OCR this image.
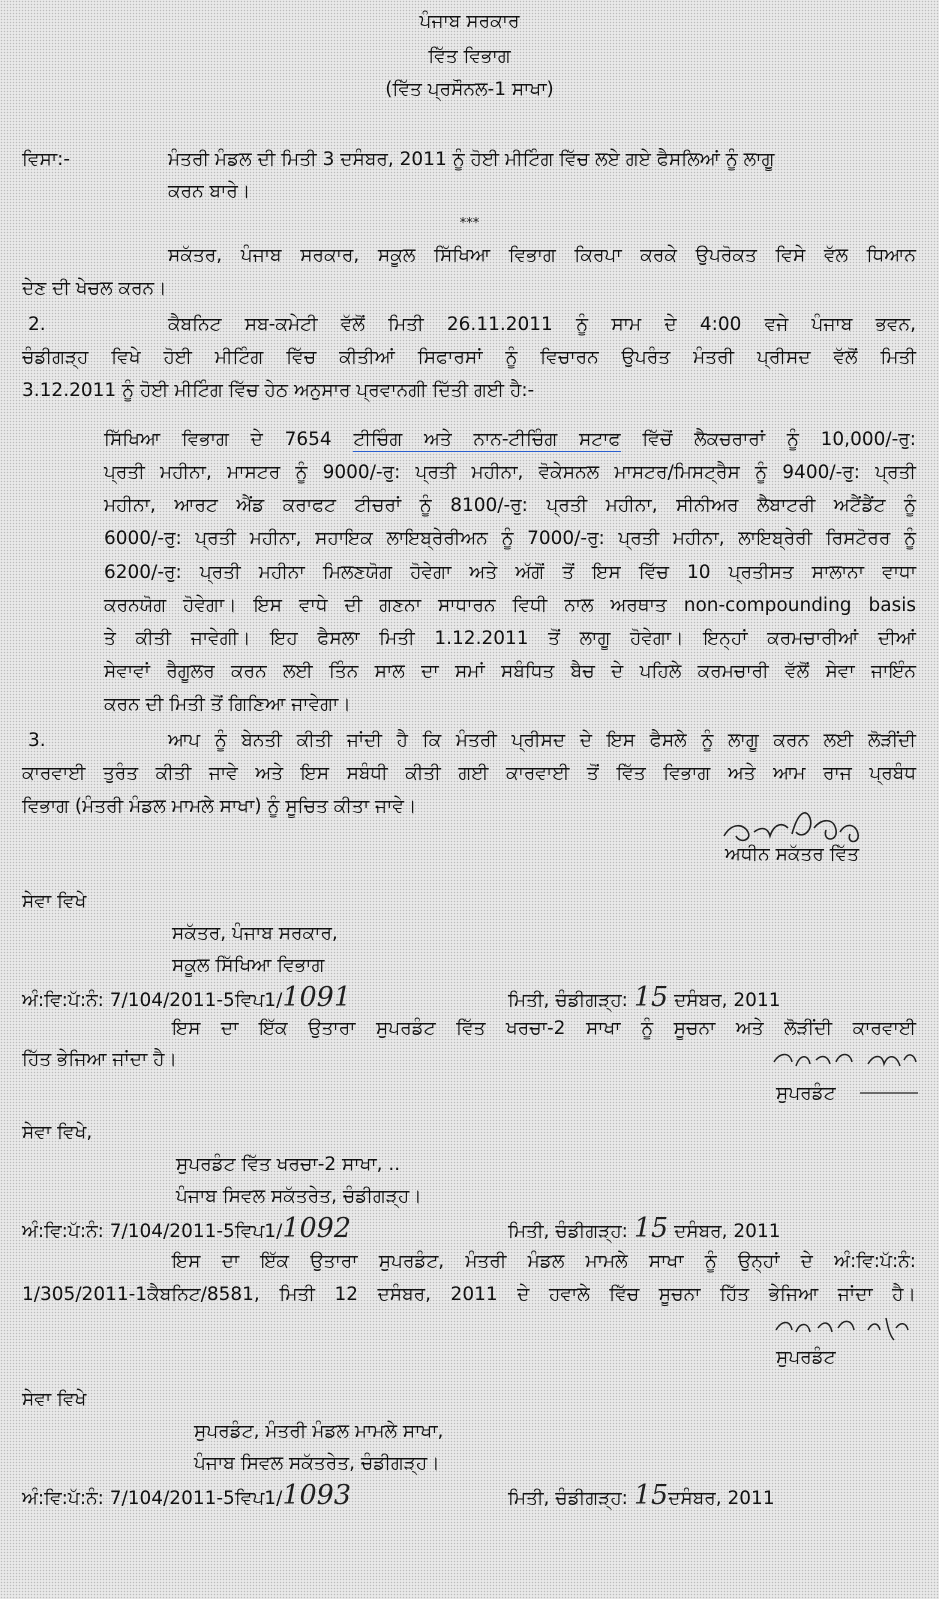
ਪੰਜਾਬ ਸਰਕਾਰ
ਵਿੱਤ ਵਿਭਾਗ
(ਵਿੱਤ ਪ੍ਰਸੌਨਲ-1 ਸਾਖਾ)
ਵਿਸਾ:-	ਮੰਤਰੀ ਮੰਡਲ ਦੀ ਮਿਤੀ 3 ਦਸੰਬਰ, 2011 ਨੂੰ ਹੋਈ ਮੀਟਿੰਗ ਵਿੱਚ ਲਏ ਗਏ ਫੈਸਲਿਆਂ ਨੂੰ ਲਾਗੂ
ਕਰਨ ਬਾਰੇ।
***
ਸਕੱਤਰ, ਪੰਜਾਬ ਸਰਕਾਰ, ਸਕੂਲ ਸਿੱਖਿਆ ਵਿਭਾਗ ਕਿਰਪਾ ਕਰਕੇ ਉਪਰੋਕਤ ਵਿਸੇ ਵੱਲ ਧਿਆਨ
ਦੇਣ ਦੀ ਖੇਚਲ ਕਰਨ।
2.	ਕੈਬਨਿਟ ਸਬ-ਕਮੇਟੀ ਵੱਲੋਂ ਮਿਤੀ 26.11.2011 ਨੂੰ ਸਾਮ ਦੇ 4:00 ਵਜੇ ਪੰਜਾਬ ਭਵਨ,
ਚੰਡੀਗੜ੍ਹ ਵਿਖੇ ਹੋਈ ਮੀਟਿੰਗ ਵਿੱਚ ਕੀਤੀਆਂ ਸਿਫਾਰਸਾਂ ਨੂੰ ਵਿਚਾਰਨ ਉਪਰੰਤ ਮੰਤਰੀ ਪ੍ਰੀਸਦ ਵੱਲੋਂ ਮਿਤੀ
3.12.2011 ਨੂੰ ਹੋਈ ਮੀਟਿੰਗ ਵਿੱਚ ਹੇਠ ਅਨੁਸਾਰ ਪ੍ਰਵਾਨਗੀ ਦਿੱਤੀ ਗਈ ਹੈ:-
ਸਿੱਖਿਆ ਵਿਭਾਗ ਦੇ 7654 ਟੀਚਿੰਗ ਅਤੇ ਨਾਨ-ਟੀਚਿੰਗ ਸਟਾਫ ਵਿੱਚੋਂ ਲੈਕਚਰਾਰਾਂ ਨੂੰ 10,000/-ਰੁ:
ਪ੍ਰਤੀ ਮਹੀਨਾ, ਮਾਸਟਰ ਨੂੰ 9000/-ਰੁ: ਪ੍ਰਤੀ ਮਹੀਨਾ, ਵੋਕੇਸਨਲ ਮਾਸਟਰ/ਮਿਸਟ੍ਰੈਸ ਨੂੰ 9400/-ਰੁ: ਪ੍ਰਤੀ
ਮਹੀਨਾ, ਆਰਟ ਐਂਡ ਕਰਾਫਟ ਟੀਚਰਾਂ ਨੂੰ 8100/-ਰੁ: ਪ੍ਰਤੀ ਮਹੀਨਾ, ਸੀਨੀਅਰ ਲੈਬਾਟਰੀ ਅਟੈਂਡੈਂਟ ਨੂੰ
6000/-ਰੁ: ਪ੍ਰਤੀ ਮਹੀਨਾ, ਸਹਾਇਕ ਲਾਇਬ੍ਰੇਰੀਅਨ ਨੂੰ 7000/-ਰੁ: ਪ੍ਰਤੀ ਮਹੀਨਾ, ਲਾਇਬ੍ਰੇਰੀ ਰਿਸਟੋਰਰ ਨੂੰ
6200/-ਰੁ: ਪ੍ਰਤੀ ਮਹੀਨਾ ਮਿਲਣਯੋਗ ਹੋਵੇਗਾ ਅਤੇ ਅੱਗੋਂ ਤੋਂ ਇਸ ਵਿੱਚ 10 ਪ੍ਰਤੀਸਤ ਸਾਲਾਨਾ ਵਾਧਾ
ਕਰਨਯੋਗ ਹੋਵੇਗਾ। ਇਸ ਵਾਧੇ ਦੀ ਗਣਨਾ ਸਾਧਾਰਨ ਵਿਧੀ ਨਾਲ ਅਰਥਾਤ non-compounding basis
ਤੇ ਕੀਤੀ ਜਾਵੇਗੀ। ਇਹ ਫੈਸਲਾ ਮਿਤੀ 1.12.2011 ਤੋਂ ਲਾਗੂ ਹੋਵੇਗਾ। ਇਨ੍ਹਾਂ ਕਰਮਚਾਰੀਆਂ ਦੀਆਂ
ਸੇਵਾਵਾਂ ਰੈਗੂਲਰ ਕਰਨ ਲਈ ਤਿੰਨ ਸਾਲ ਦਾ ਸਮਾਂ ਸਬੰਧਿਤ ਬੈਚ ਦੇ ਪਹਿਲੇ ਕਰਮਚਾਰੀ ਵੱਲੋਂ ਸੇਵਾ ਜਾਇੰਨ
ਕਰਨ ਦੀ ਮਿਤੀ ਤੋਂ ਗਿਣਿਆ ਜਾਵੇਗਾ।
3.	ਆਪ ਨੂੰ ਬੇਨਤੀ ਕੀਤੀ ਜਾਂਦੀ ਹੈ ਕਿ ਮੰਤਰੀ ਪ੍ਰੀਸਦ ਦੇ ਇਸ ਫੈਸਲੇ ਨੂੰ ਲਾਗੂ ਕਰਨ ਲਈ ਲੋੜੀਂਦੀ
ਕਾਰਵਾਈ ਤੁਰੰਤ ਕੀਤੀ ਜਾਵੇ ਅਤੇ ਇਸ ਸਬੰਧੀ ਕੀਤੀ ਗਈ ਕਾਰਵਾਈ ਤੋਂ ਵਿੱਤ ਵਿਭਾਗ ਅਤੇ ਆਮ ਰਾਜ ਪ੍ਰਬੰਧ
ਵਿਭਾਗ (ਮੰਤਰੀ ਮੰਡਲ ਮਾਮਲੇ ਸਾਖਾ) ਨੂੰ ਸੂਚਿਤ ਕੀਤਾ ਜਾਵੇ।
ਅਧੀਨ ਸਕੱਤਰ ਵਿੱਤ
ਸੇਵਾ ਵਿਖੇ
ਸਕੱਤਰ, ਪੰਜਾਬ ਸਰਕਾਰ,
ਸਕੂਲ ਸਿੱਖਿਆ ਵਿਭਾਗ
ਅੰ:ਵਿ:ਪੱ:ਨੰ: 7/104/2011-5ਵਿਪ1/1091	ਮਿਤੀ, ਚੰਡੀਗੜ੍ਹ: 15 ਦਸੰਬਰ, 2011
ਇਸ ਦਾ ਇੱਕ ਉਤਾਰਾ ਸੁਪਰਡੰਟ ਵਿੱਤ ਖਰਚਾ-2 ਸਾਖਾ ਨੂੰ ਸੂਚਨਾ ਅਤੇ ਲੋੜੀਂਦੀ ਕਾਰਵਾਈ
ਹਿੱਤ ਭੇਜਿਆ ਜਾਂਦਾ ਹੈ।
ਸੁਪਰਡੰਟ
ਸੇਵਾ ਵਿਖੇ,
ਸੁਪਰਡੰਟ ਵਿੱਤ ਖਰਚਾ-2 ਸਾਖਾ, ..
ਪੰਜਾਬ ਸਿਵਲ ਸਕੱਤਰੇਤ, ਚੰਡੀਗੜ੍ਹ।
ਅੰ:ਵਿ:ਪੱ:ਨੰ: 7/104/2011-5ਵਿਪ1/1092	ਮਿਤੀ, ਚੰਡੀਗੜ੍ਹ: 15 ਦਸੰਬਰ, 2011
ਇਸ ਦਾ ਇੱਕ ਉਤਾਰਾ ਸੁਪਰਡੰਟ, ਮੰਤਰੀ ਮੰਡਲ ਮਾਮਲੇ ਸਾਖਾ ਨੂੰ ਉਨ੍ਹਾਂ ਦੇ ਅੰ:ਵਿ:ਪੱ:ਨੰ:
1/305/2011-1ਕੈਬਨਿਟ/8581, ਮਿਤੀ 12 ਦਸੰਬਰ, 2011 ਦੇ ਹਵਾਲੇ ਵਿੱਚ ਸੂਚਨਾ ਹਿੱਤ ਭੇਜਿਆ ਜਾਂਦਾ ਹੈ।
ਸੁਪਰਡੰਟ
ਸੇਵਾ ਵਿਖੇ
ਸੁਪਰਡੰਟ, ਮੰਤਰੀ ਮੰਡਲ ਮਾਮਲੇ ਸਾਖਾ,
ਪੰਜਾਬ ਸਿਵਲ ਸਕੱਤਰੇਤ, ਚੰਡੀਗੜ੍ਹ।
ਅੰ:ਵਿ:ਪੱ:ਨੰ: 7/104/2011-5ਵਿਪ1/1093	ਮਿਤੀ, ਚੰਡੀਗੜ੍ਹ: 15ਦਸੰਬਰ, 2011
